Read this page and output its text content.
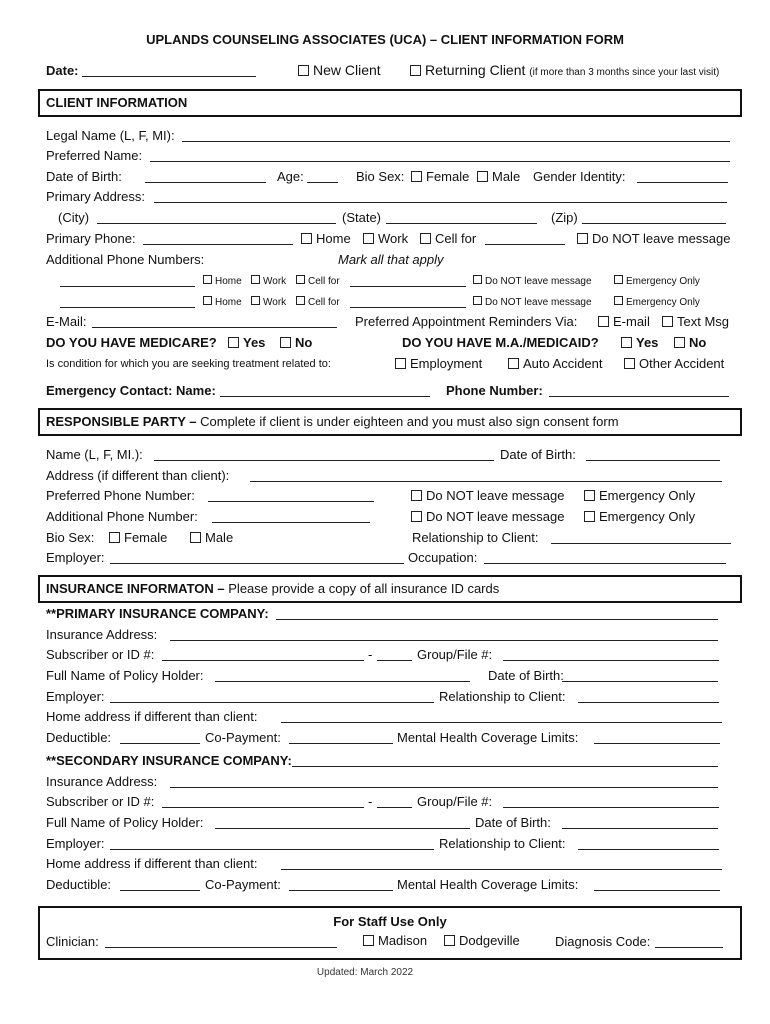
UPLANDS COUNSELING ASSOCIATES (UCA) – CLIENT INFORMATION FORM
Date:	New Client	Returning Client (if more than 3 months since your last visit)
CLIENT INFORMATION
Legal Name (L, F, MI):
Preferred Name:
Date of Birth:	Age:	Bio Sex:	Female	Male Gender Identity:
Primary Address:
(City)	(State)	(Zip)
Primary Phone:	Home	Work	Cell for	Do NOT leave message
Additional Phone Numbers:	Mark all that apply
Home	Work	Cell for	Do NOT leave message	Emergency Only
Home	Work	Cell for	Do NOT leave message	Emergency Only
E-Mail:	Preferred Appointment Reminders Via:	E-mail	Text Msg
DO YOU HAVE MEDICARE?	Yes	No	DO YOU HAVE M.A./MEDICAID?	Yes	No
Is condition for which you are seeking treatment related to:	Employment	Auto Accident	Other Accident
Emergency Contact: Name:	Phone Number:
RESPONSIBLE PARTY – Complete if client is under eighteen and you must also sign consent form
Name (L, F, MI.):	Date of Birth:
Address (if different than client):
Preferred Phone Number:	Do NOT leave message	Emergency Only
Additional Phone Number:	Do NOT leave message	Emergency Only
Bio Sex:	Female	Male	Relationship to Client:
Employer:	Occupation:
INSURANCE INFORMATON – Please provide a copy of all insurance ID cards
**PRIMARY INSURANCE COMPANY:
Insurance Address:
Subscriber or ID #:	-	Group/File #:
Full Name of Policy Holder:	Date of Birth:
Employer:	Relationship to Client:
Home address if different than client:
Deductible:	Co-Payment:	Mental Health Coverage Limits:
**SECONDARY INSURANCE COMPANY:
Insurance Address:
Subscriber or ID #:	-	Group/File #:
Full Name of Policy Holder:	Date of Birth:
Employer:	Relationship to Client:
Home address if different than client:
Deductible:	Co-Payment:	Mental Health Coverage Limits:
For Staff Use Only
Clinician:	Madison	Dodgeville	Diagnosis Code:
Updated: March 2022
